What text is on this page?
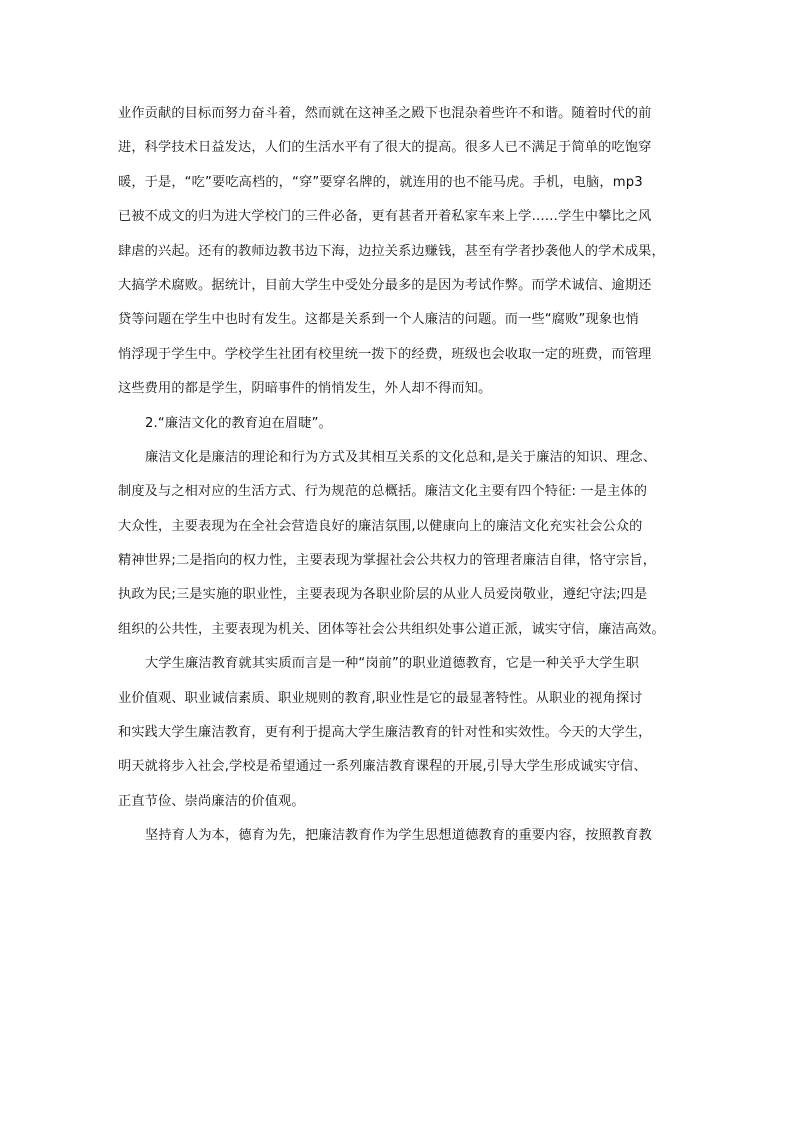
业作贡献的目标而努力奋斗着，然而就在这神圣之殿下也混杂着些许不和谐。随着时代的前
进，科学技术日益发达，人们的生活水平有了很大的提高。很多人已不满足于简单的吃饱穿
暖，于是，“吃”要吃高档的，“穿”要穿名牌的，就连用的也不能马虎。手机，电脑，mp3
已被不成文的归为进大学校门的三件必备，更有甚者开着私家车来上学……学生中攀比之风
肆虐的兴起。还有的教师边教书边下海，边拉关系边赚钱，甚至有学者抄袭他人的学术成果，
大搞学术腐败。据统计，目前大学生中受处分最多的是因为考试作弊。而学术诚信、逾期还
贷等问题在学生中也时有发生。这都是关系到一个人廉洁的问题。而一些“腐败”现象也悄
悄浮现于学生中。学校学生社团有校里统一拨下的经费，班级也会收取一定的班费，而管理
这些费用的都是学生，阴暗事件的悄悄发生，外人却不得而知。
2.“廉洁文化的教育迫在眉睫”。
廉洁文化是廉洁的理论和行为方式及其相互关系的文化总和,是关于廉洁的知识、理念、
制度及与之相对应的生活方式、行为规范的总概括。廉洁文化主要有四个特征: 一是主体的
大众性，主要表现为在全社会营造良好的廉洁氛围,以健康向上的廉洁文化充实社会公众的
精神世界;二是指向的权力性，主要表现为掌握社会公共权力的管理者廉洁自律，恪守宗旨，
执政为民;三是实施的职业性，主要表现为各职业阶层的从业人员爱岗敬业，遵纪守法;四是
组织的公共性，主要表现为机关、团体等社会公共组织处事公道正派，诚实守信，廉洁高效。
大学生廉洁教育就其实质而言是一种“岗前”的职业道德教育，它是一种关乎大学生职
业价值观、职业诚信素质、职业规则的教育,职业性是它的最显著特性。从职业的视角探讨
和实践大学生廉洁教育，更有利于提高大学生廉洁教育的针对性和实效性。今天的大学生，
明天就将步入社会,学校是希望通过一系列廉洁教育课程的开展,引导大学生形成诚实守信、
正直节俭、崇尚廉洁的价值观。
坚持育人为本，德育为先，把廉洁教育作为学生思想道德教育的重要内容，按照教育教
